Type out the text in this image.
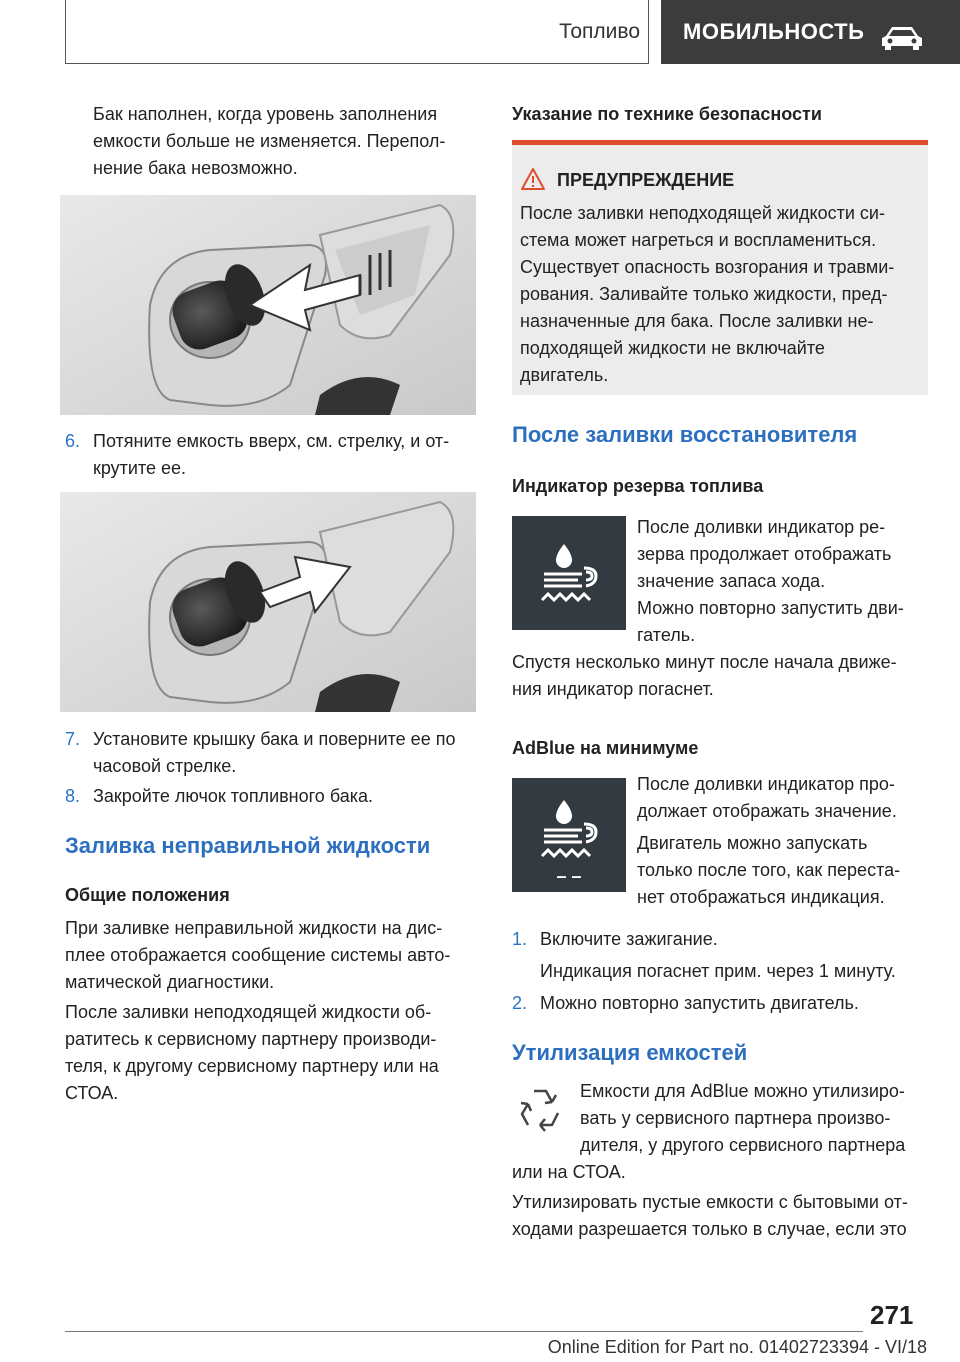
Топливо МОБИЛЬНОСТЬ
Бак наполнен, когда уровень заполнения
емкости больше не изменяется. Перепол-
нение бака невозможно.
6. Потяните емкость вверх, см. стрелку, и от-
крутите ее.
7. Установите крышку бака и поверните ее по
часовой стрелке.
8. Закройте лючок топливного бака.
Заливка неправильной жидкости
Общие положения
При заливке неправильной жидкости на дис-
плее отображается сообщение системы авто-
матической диагностики.
После заливки неподходящей жидкости об-
ратитесь к сервисному партнеру производи-
теля, к другому сервисному партнеру или на
СТОА.
Указание по технике безопасности
ПРЕДУПРЕЖДЕНИЕ
После заливки неподходящей жидкости си-
стема может нагреться и воспламениться.
Существует опасность возгорания и травми-
рования. Заливайте только жидкости, пред-
назначенные для бака. После заливки не-
подходящей жидкости не включайте
двигатель.
После заливки восстановителя
Индикатор резерва топлива
После доливки индикатор ре-
зерва продолжает отображать
значение запаса хода.
Можно повторно запустить дви-
гатель.
Спустя несколько минут после начала движе-
ния индикатор погаснет.
AdBlue на минимуме
– –
После доливки индикатор про-
должает отображать значение.
Двигатель можно запускать
только после того, как переста-
нет отображаться индикация.
1. Включите зажигание.
Индикация погаснет прим. через 1 минуту.
2. Можно повторно запустить двигатель.
Утилизация емкостей
Емкости для AdBlue можно утилизиро-
вать у сервисного партнера произво-
дителя, у другого сервисного партнера
или на СТОА.
Утилизировать пустые емкости с бытовыми от-
ходами разрешается только в случае, если это
271
Online Edition for Part no. 01402723394 - VI/18
